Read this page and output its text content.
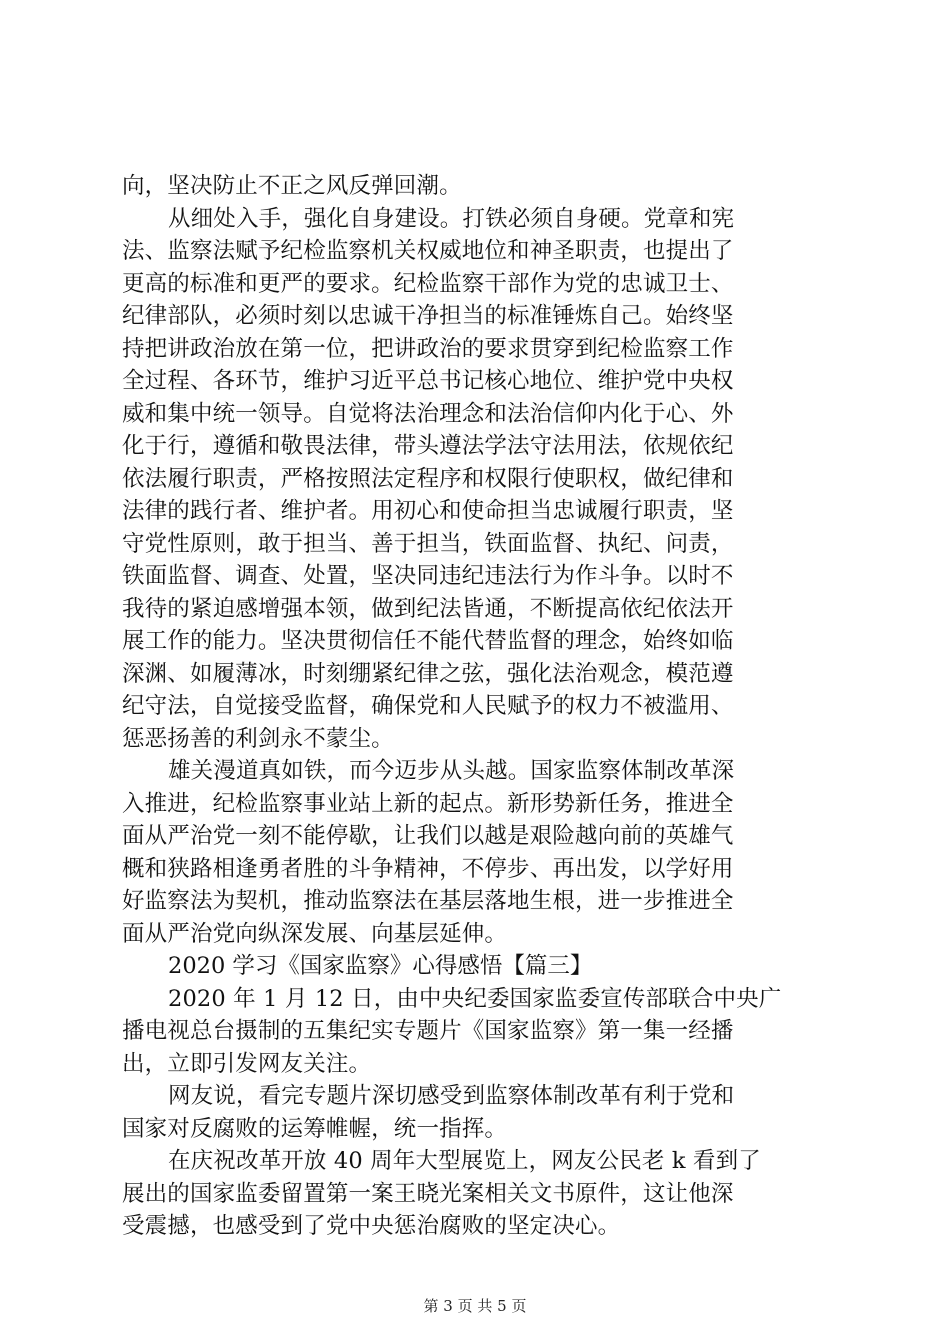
向，坚决防止不正之风反弹回潮。
从细处入手，强化自身建设。打铁必须自身硬。党章和宪
法、监察法赋予纪检监察机关权威地位和神圣职责，也提出了
更高的标准和更严的要求。纪检监察干部作为党的忠诚卫士、
纪律部队，必须时刻以忠诚干净担当的标准锤炼自己。始终坚
持把讲政治放在第一位，把讲政治的要求贯穿到纪检监察工作
全过程、各环节，维护习近平总书记核心地位、维护党中央权
威和集中统一领导。自觉将法治理念和法治信仰内化于心、外
化于行，遵循和敬畏法律，带头遵法学法守法用法，依规依纪
依法履行职责，严格按照法定程序和权限行使职权，做纪律和
法律的践行者、维护者。用初心和使命担当忠诚履行职责，坚
守党性原则，敢于担当、善于担当，铁面监督、执纪、问责，
铁面监督、调查、处置，坚决同违纪违法行为作斗争。以时不
我待的紧迫感增强本领，做到纪法皆通，不断提高依纪依法开
展工作的能力。坚决贯彻信任不能代替监督的理念，始终如临
深渊、如履薄冰，时刻绷紧纪律之弦，强化法治观念，模范遵
纪守法，自觉接受监督，确保党和人民赋予的权力不被滥用、
惩恶扬善的利剑永不蒙尘。
雄关漫道真如铁，而今迈步从头越。国家监察体制改革深
入推进，纪检监察事业站上新的起点。新形势新任务，推进全
面从严治党一刻不能停歇，让我们以越是艰险越向前的英雄气
概和狭路相逢勇者胜的斗争精神，不停步、再出发，以学好用
好监察法为契机，推动监察法在基层落地生根，进一步推进全
面从严治党向纵深发展、向基层延伸。
2020 学习《国家监察》心得感悟【篇三】
2020 年 1 月 12 日，由中央纪委国家监委宣传部联合中央广
播电视总台摄制的五集纪实专题片《国家监察》第一集一经播
出，立即引发网友关注。
网友说，看完专题片深切感受到监察体制改革有利于党和
国家对反腐败的运筹帷幄，统一指挥。
在庆祝改革开放 40 周年大型展览上，网友公民老 k 看到了
展出的国家监委留置第一案王晓光案相关文书原件，这让他深
受震撼，也感受到了党中央惩治腐败的坚定决心。
第 3 页 共 5 页
